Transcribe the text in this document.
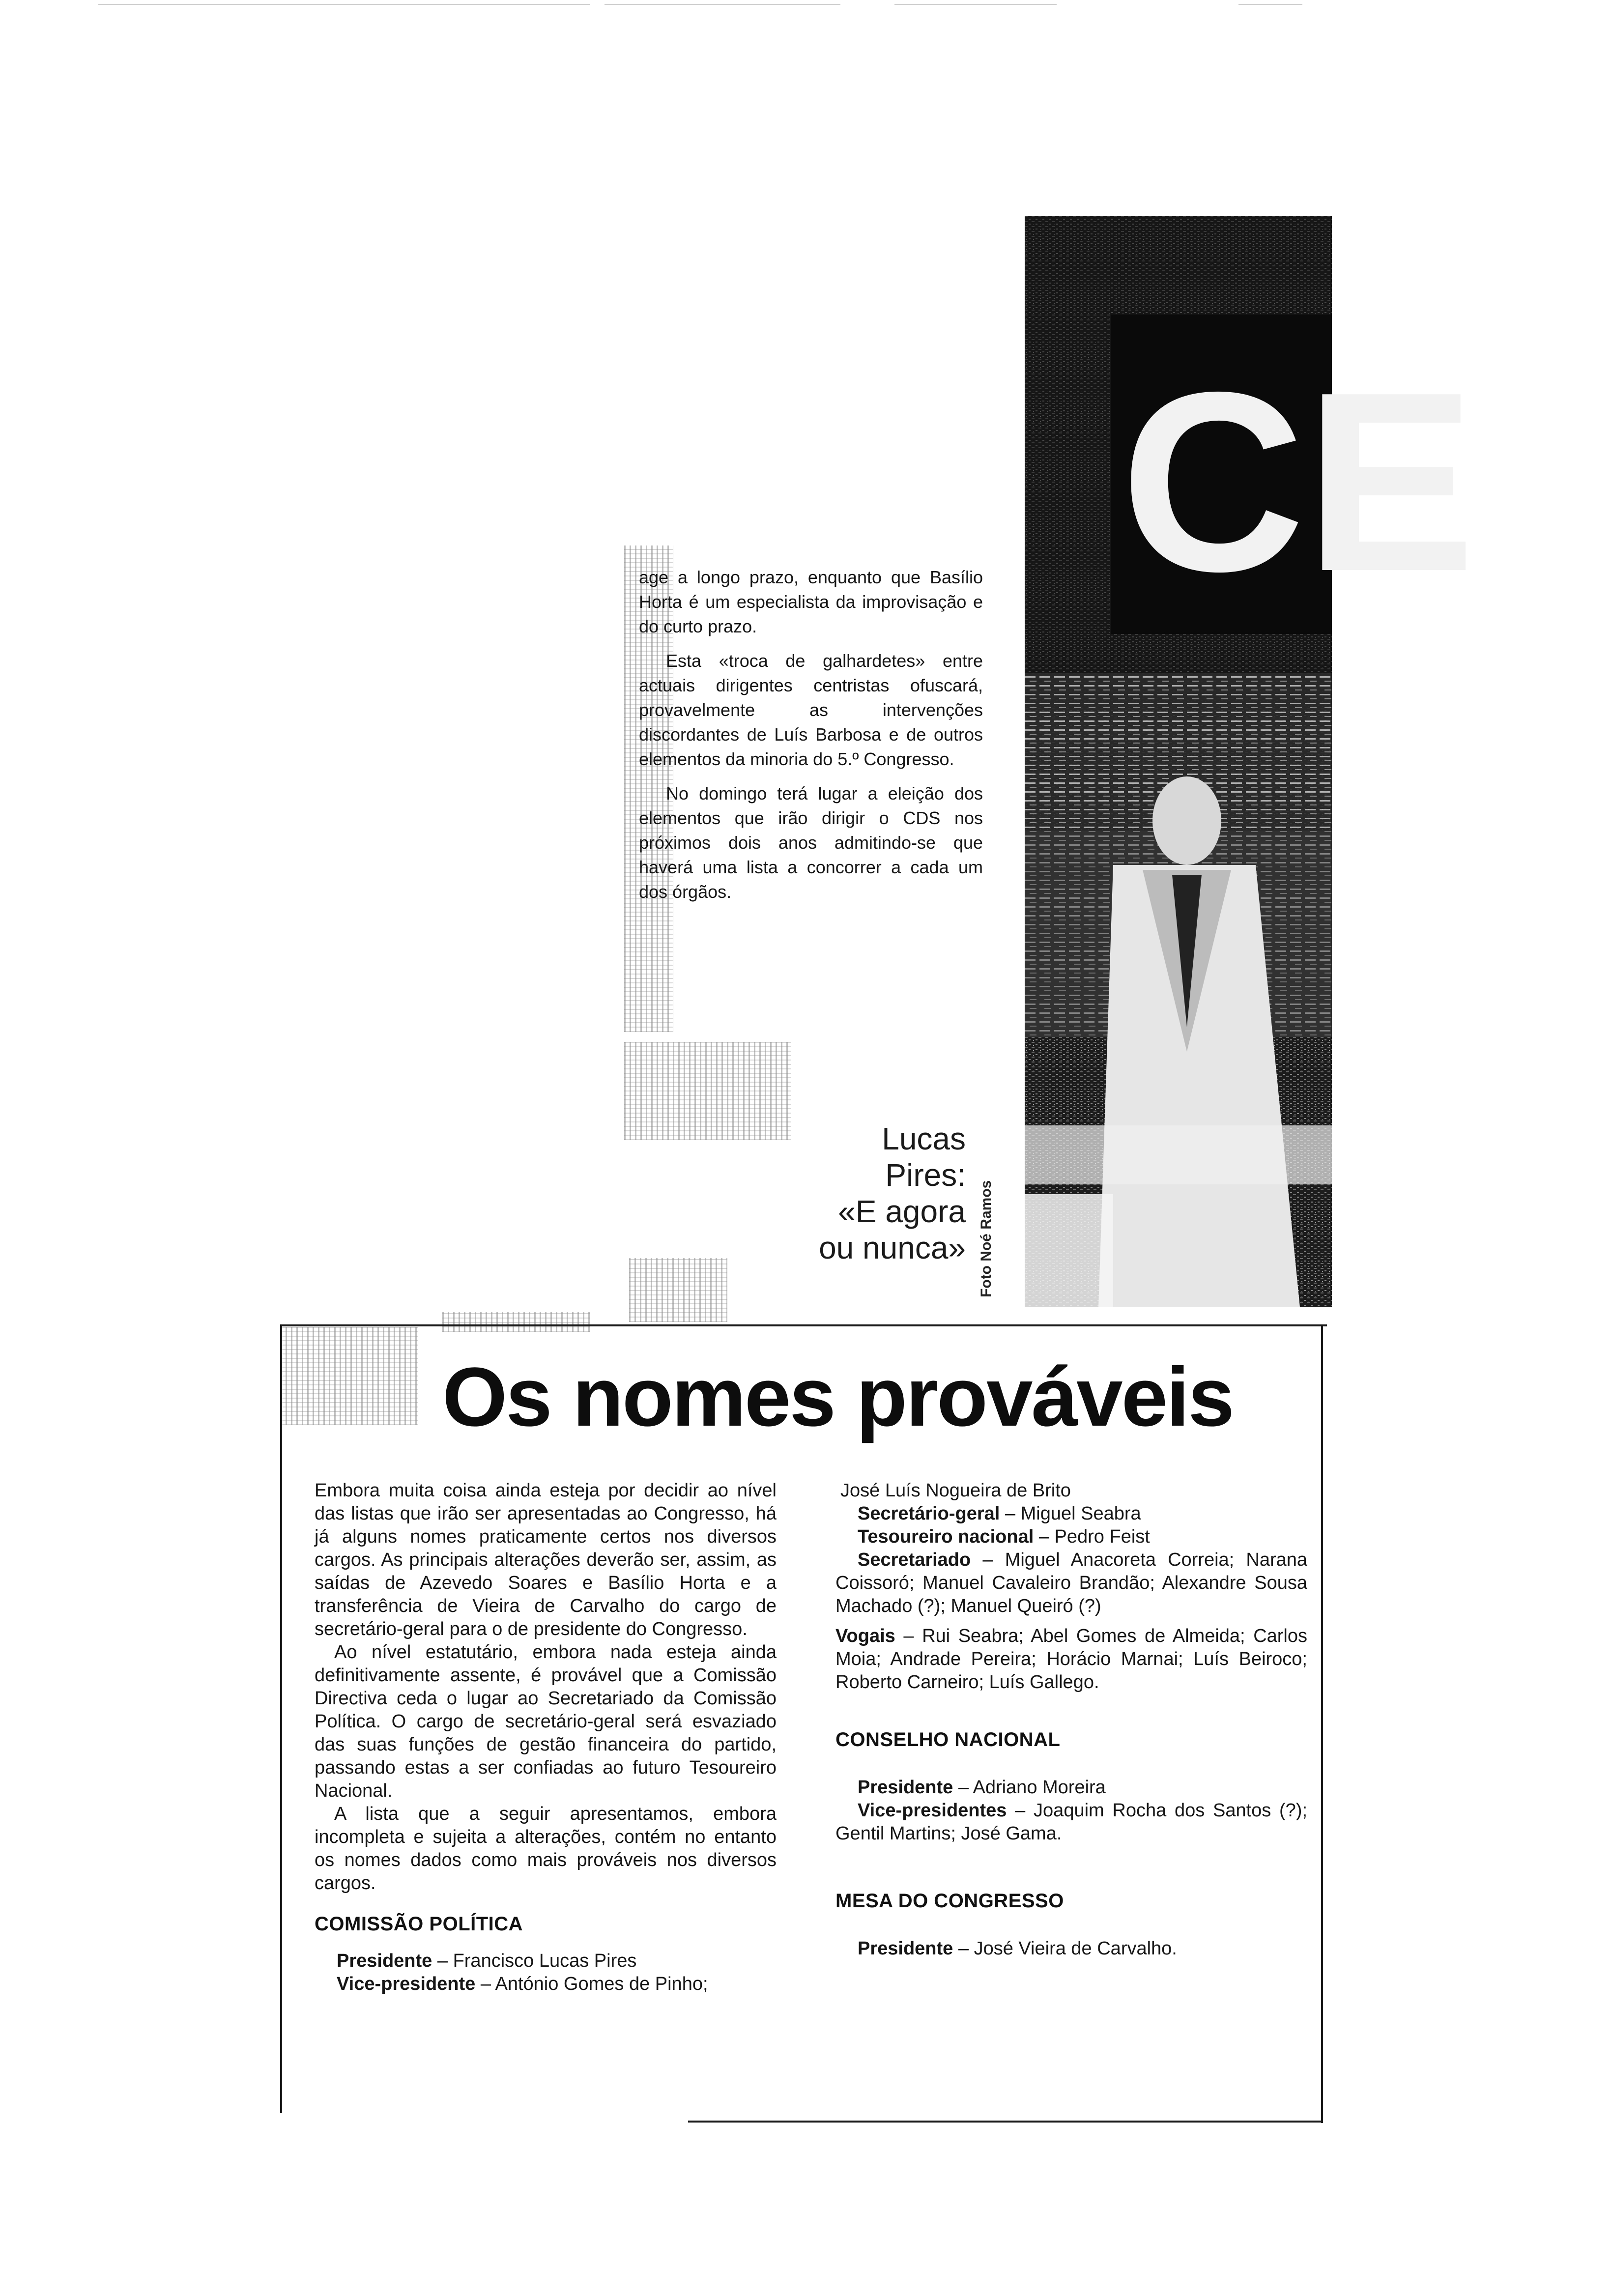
age a longo prazo, enquanto que Basílio Horta é um especialista da improvisação e do curto prazo.

Esta «troca de galhardetes» entre actuais dirigentes centristas ofuscará, provavelmente as intervenções discordantes de Luís Barbosa e de outros elementos da minoria do 5.º Congresso.

No domingo terá lugar a eleição dos elementos que irão dirigir o CDS nos próximos dois anos admitindo-se que haverá uma lista a concorrer a cada um dos órgãos.

CE
Lucas
Pires:
«E agora
ou nunca» Foto Noé Ramos
Os nomes prováveis

Embora muita coisa ainda esteja por decidir ao nível das listas que irão ser apresentadas ao Congresso, há já alguns nomes praticamente certos nos diversos cargos. As principais alterações deverão ser, assim, as saídas de Azevedo Soares e Basílio Horta e a transferência de Vieira de Carvalho do cargo de secretário-geral para o de presidente do Congresso.

Ao nível estatutário, embora nada esteja ainda definitivamente assente, é provável que a Comissão Directiva ceda o lugar ao Secretariado da Comissão Política. O cargo de secretário-geral será esvaziado das suas funções de gestão financeira do partido, passando estas a ser confiadas ao futuro Tesoureiro Nacional.

A lista que a seguir apresentamos, embora incompleta e sujeita a alterações, contém no entanto os nomes dados como mais prováveis nos diversos cargos.

COMISSÃO POLÍTICA

Presidente – Francisco Lucas Pires

Vice-presidente – António Gomes de Pinho;

José Luís Nogueira de Brito

Secretário-geral – Miguel Seabra

Tesoureiro nacional – Pedro Feist

Secretariado – Miguel Anacoreta Correia; Narana Coissoró; Manuel Cavaleiro Brandão; Alexandre Sousa Machado (?); Manuel Queiró (?)

Vogais – Rui Seabra; Abel Gomes de Almeida; Carlos Moia; Andrade Pereira; Horácio Marnai; Luís Beiroco; Roberto Carneiro; Luís Gallego.

CONSELHO NACIONAL

Presidente – Adriano Moreira

Vice-presidentes – Joaquim Rocha dos Santos (?); Gentil Martins; José Gama.

MESA DO CONGRESSO

Presidente – José Vieira de Carvalho.
